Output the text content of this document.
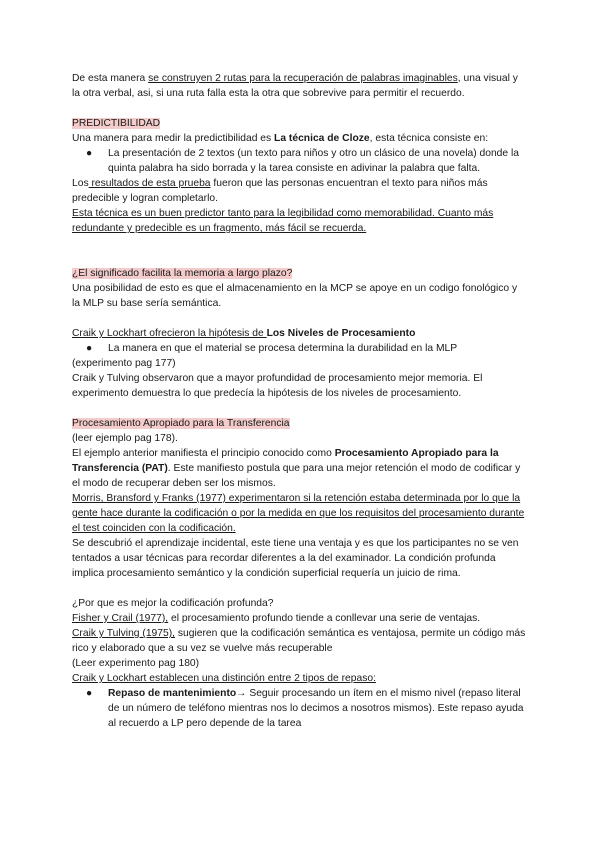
De esta manera se construyen 2 rutas para la recuperación de palabras imaginables, una visual y la otra verbal, asi, si una ruta falla esta la otra que sobrevive para permitir el recuerdo.

PREDICTIBILIDAD

Una manera para medir la predictibilidad es La técnica de Cloze, esta técnica consiste en:

● La presentación de 2 textos (un texto para niños y otro un clásico de una novela) donde la quinta palabra ha sido borrada y la tarea consiste en adivinar la palabra que falta.

Los resultados de esta prueba fueron que las personas encuentran el texto para niños más predecible y logran completarlo.

Esta técnica es un buen predictor tanto para la legibilidad como memorabilidad. Cuanto más redundante y predecible es un fragmento, más fácil se recuerda.

¿El significado facilita la memoria a largo plazo?

Una posibilidad de esto es que el almacenamiento en la MCP se apoye en un codigo fonológico y la MLP su base sería semántica.

Craik y Lockhart ofrecieron la hipótesis de Los Niveles de Procesamiento

● La manera en que el material se procesa determina la durabilidad en la MLP

(experimento pag 177)

Craik y Tulving observaron que a mayor profundidad de procesamiento mejor memoria. El experimento demuestra lo que predecía la hipótesis de los niveles de procesamiento.

Procesamiento Apropiado para la Transferencia

(leer ejemplo pag 178).

El ejemplo anterior manifiesta el principio conocido como Procesamiento Apropiado para la Transferencia (PAT). Este manifiesto postula que para una mejor retención el modo de codificar y el modo de recuperar deben ser los mismos.

Morris, Bransford y Franks (1977) experimentaron si la retención estaba determinada por lo que la gente hace durante la codificación o por la medida en que los requisitos del procesamiento durante el test coinciden con la codificación.

Se descubrió el aprendizaje incidental, este tiene una ventaja y es que los participantes no se ven tentados a usar técnicas para recordar diferentes a la del examinador. La condición profunda implica procesamiento semántico y la condición superficial requería un juicio de rima.

¿Por que es mejor la codificación profunda?

Fisher y Crail (1977), el procesamiento profundo tiende a conllevar una serie de ventajas.

Craik y Tulving (1975), sugieren que la codificación semántica es ventajosa, permite un código más rico y elaborado que a su vez se vuelve más recuperable

(Leer experimento pag 180)

Craik y Lockhart establecen una distinción entre 2 tipos de repaso:

● Repaso de mantenimiento→ Seguir procesando un ítem en el mismo nivel (repaso literal de un número de teléfono mientras nos lo decimos a nosotros mismos). Este repaso ayuda al recuerdo a LP pero depende de la tarea
